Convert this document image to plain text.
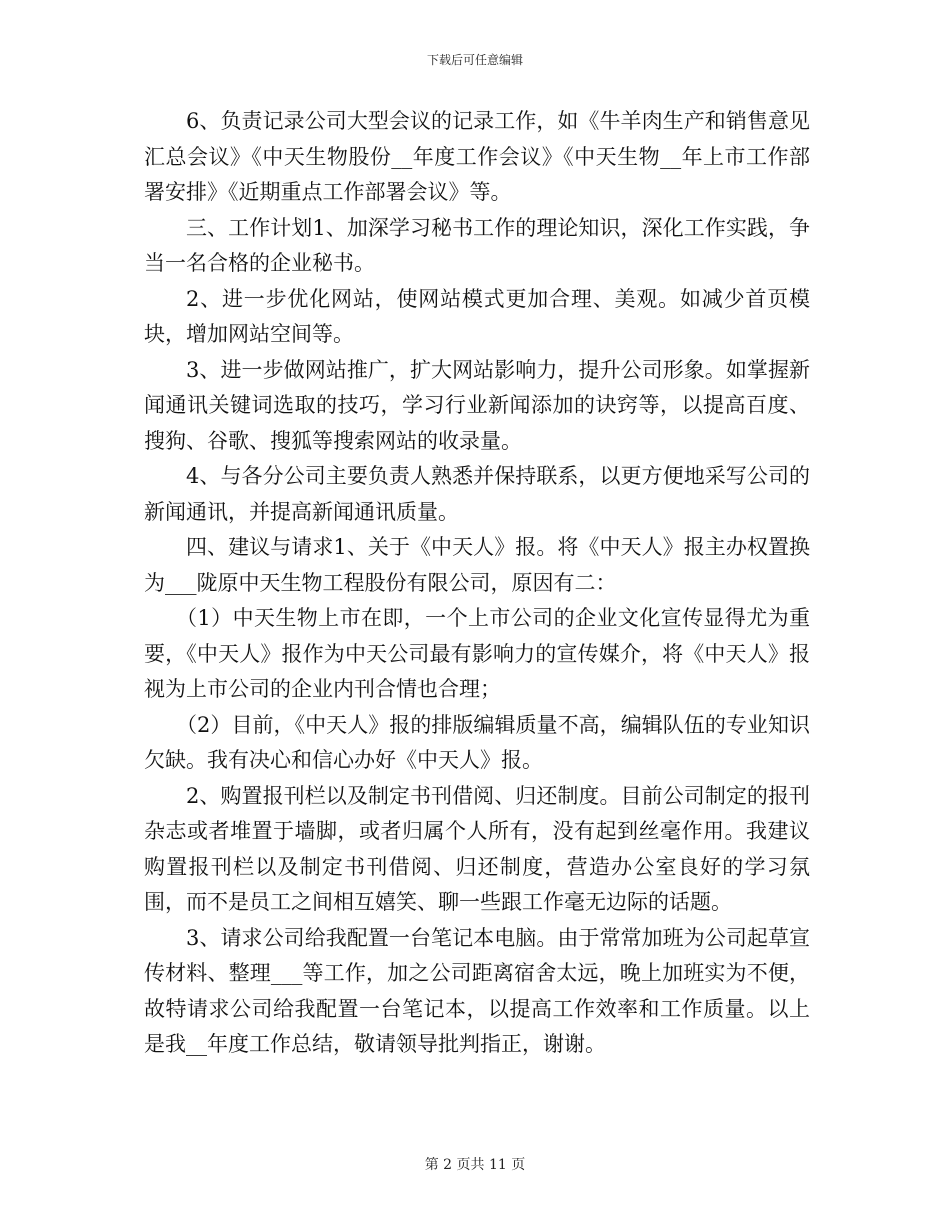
下载后可任意编辑

6、负责记录公司大型会议的记录工作，如《牛羊肉生产和销售意见汇总会议》《中天生物股份__年度工作会议》《中天生物__年上市工作部署安排》《近期重点工作部署会议》等。

三、工作计划1、加深学习秘书工作的理论知识，深化工作实践，争当一名合格的企业秘书。

2、进一步优化网站，使网站模式更加合理、美观。如减少首页模块，增加网站空间等。

3、进一步做网站推广，扩大网站影响力，提升公司形象。如掌握新闻通讯关键词选取的技巧，学习行业新闻添加的诀窍等，以提高百度、搜狗、谷歌、搜狐等搜索网站的收录量。

4、与各分公司主要负责人熟悉并保持联系，以更方便地采写公司的新闻通讯，并提高新闻通讯质量。

四、建议与请求1、关于《中天人》报。将《中天人》报主办权置换为___陇原中天生物工程股份有限公司，原因有二：

（1）中天生物上市在即，一个上市公司的企业文化宣传显得尤为重要，《中天人》报作为中天公司最有影响力的宣传媒介，将《中天人》报视为上市公司的企业内刊合情也合理；

（2）目前，《中天人》报的排版编辑质量不高，编辑队伍的专业知识欠缺。我有决心和信心办好《中天人》报。

2、购置报刊栏以及制定书刊借阅、归还制度。目前公司制定的报刊杂志或者堆置于墙脚，或者归属个人所有，没有起到丝毫作用。我建议购置报刊栏以及制定书刊借阅、归还制度，营造办公室良好的学习氛围，而不是员工之间相互嬉笑、聊一些跟工作毫无边际的话题。

3、请求公司给我配置一台笔记本电脑。由于常常加班为公司起草宣传材料、整理___等工作，加之公司距离宿舍太远，晚上加班实为不便，故特请求公司给我配置一台笔记本，以提高工作效率和工作质量。以上是我__年度工作总结，敬请领导批判指正，谢谢。

第 2 页共 11 页
